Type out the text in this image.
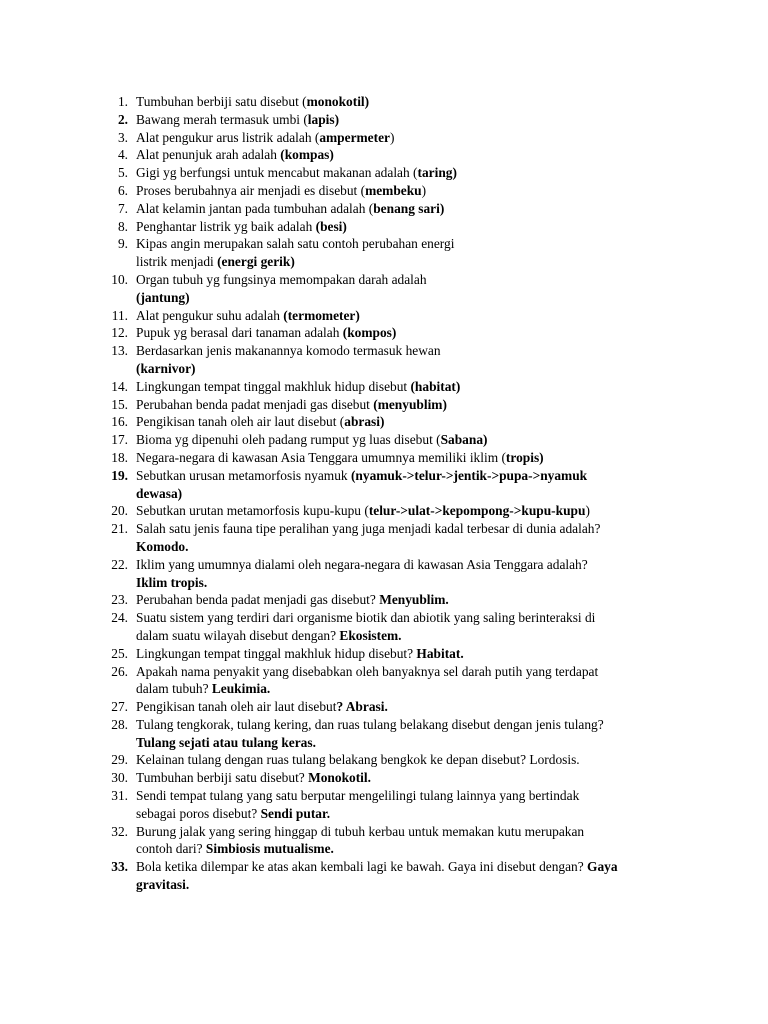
1. Tumbuhan berbiji satu disebut (monokotil)
2. Bawang merah termasuk umbi (lapis)
3. Alat pengukur arus listrik adalah (ampermeter)
4. Alat penunjuk arah adalah (kompas)
5. Gigi yg berfungsi untuk mencabut makanan adalah (taring)
6. Proses berubahnya air menjadi es disebut (membeku)
7. Alat kelamin jantan pada tumbuhan adalah (benang sari)
8. Penghantar listrik yg baik adalah (besi)
9. Kipas angin merupakan salah satu contoh perubahan energi
listrik menjadi (energi gerik)
10. Organ tubuh yg fungsinya memompakan darah adalah
(jantung)
11. Alat pengukur suhu adalah (termometer)
12. Pupuk yg berasal dari tanaman adalah (kompos)
13. Berdasarkan jenis makanannya komodo termasuk hewan
(karnivor)
14. Lingkungan tempat tinggal makhluk hidup disebut (habitat)
15. Perubahan benda padat menjadi gas disebut (menyublim)
16. Pengikisan tanah oleh air laut disebut (abrasi)
17. Bioma yg dipenuhi oleh padang rumput yg luas disebut (Sabana)
18. Negara-negara di kawasan Asia Tenggara umumnya memiliki iklim (tropis)
19. Sebutkan urusan metamorfosis nyamuk (nyamuk->telur->jentik->pupa->nyamuk
dewasa)
20. Sebutkan urutan metamorfosis kupu-kupu (telur->ulat->kepompong->kupu-kupu)
21. Salah satu jenis fauna tipe peralihan yang juga menjadi kadal terbesar di dunia adalah?
Komodo.
22. Iklim yang umumnya dialami oleh negara-negara di kawasan Asia Tenggara adalah?
Iklim tropis.
23. Perubahan benda padat menjadi gas disebut? Menyublim.
24. Suatu sistem yang terdiri dari organisme biotik dan abiotik yang saling berinteraksi di
dalam suatu wilayah disebut dengan? Ekosistem.
25. Lingkungan tempat tinggal makhluk hidup disebut? Habitat.
26. Apakah nama penyakit yang disebabkan oleh banyaknya sel darah putih yang terdapat
dalam tubuh? Leukimia.
27. Pengikisan tanah oleh air laut disebut? Abrasi.
28. Tulang tengkorak, tulang kering, dan ruas tulang belakang disebut dengan jenis tulang?
Tulang sejati atau tulang keras.
29. Kelainan tulang dengan ruas tulang belakang bengkok ke depan disebut? Lordosis.
30. Tumbuhan berbiji satu disebut? Monokotil.
31. Sendi tempat tulang yang satu berputar mengelilingi tulang lainnya yang bertindak
sebagai poros disebut? Sendi putar.
32. Burung jalak yang sering hinggap di tubuh kerbau untuk memakan kutu merupakan
contoh dari? Simbiosis mutualisme.
33. Bola ketika dilempar ke atas akan kembali lagi ke bawah. Gaya ini disebut dengan? Gaya
gravitasi.
